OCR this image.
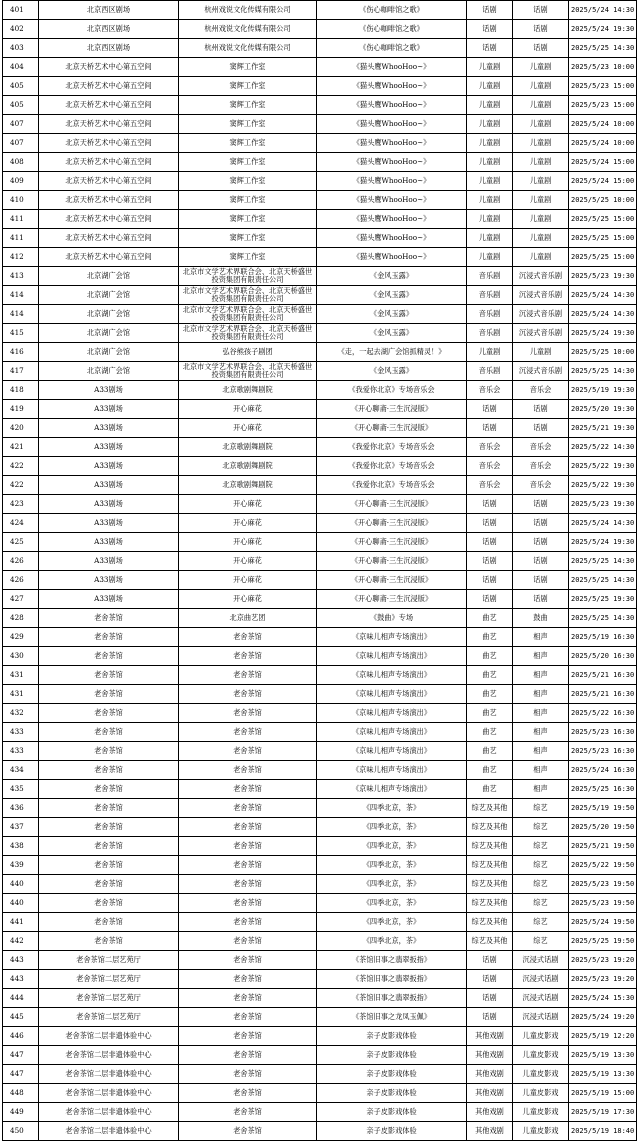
401	北京西区剧场	杭州戏说文化传媒有限公司	《伤心咖啡馆之歌》	话剧	话剧	2025/5/24 14:30
402	北京西区剧场	杭州戏说文化传媒有限公司	《伤心咖啡馆之歌》	话剧	话剧	2025/5/24 19:30
403	北京西区剧场	杭州戏说文化传媒有限公司	《伤心咖啡馆之歌》	话剧	话剧	2025/5/25 14:30
404	北京天桥艺术中心第五空间	窦辉工作室	《猫头鹰WhooHoo~》	儿童剧	儿童剧	2025/5/23 10:00
405	北京天桥艺术中心第五空间	窦辉工作室	《猫头鹰WhooHoo~》	儿童剧	儿童剧	2025/5/23 15:00
405	北京天桥艺术中心第五空间	窦辉工作室	《猫头鹰WhooHoo~》	儿童剧	儿童剧	2025/5/23 15:00
407	北京天桥艺术中心第五空间	窦辉工作室	《猫头鹰WhooHoo~》	儿童剧	儿童剧	2025/5/24 10:00
407	北京天桥艺术中心第五空间	窦辉工作室	《猫头鹰WhooHoo~》	儿童剧	儿童剧	2025/5/24 10:00
408	北京天桥艺术中心第五空间	窦辉工作室	《猫头鹰WhooHoo~》	儿童剧	儿童剧	2025/5/24 15:00
409	北京天桥艺术中心第五空间	窦辉工作室	《猫头鹰WhooHoo~》	儿童剧	儿童剧	2025/5/24 15:00
410	北京天桥艺术中心第五空间	窦辉工作室	《猫头鹰WhooHoo~》	儿童剧	儿童剧	2025/5/25 10:00
411	北京天桥艺术中心第五空间	窦辉工作室	《猫头鹰WhooHoo~》	儿童剧	儿童剧	2025/5/25 15:00
411	北京天桥艺术中心第五空间	窦辉工作室	《猫头鹰WhooHoo~》	儿童剧	儿童剧	2025/5/25 15:00
412	北京天桥艺术中心第五空间	窦辉工作室	《猫头鹰WhooHoo~》	儿童剧	儿童剧	2025/5/25 15:00
413	北京湖广会馆	北京市文学艺术界联合会、北京天桥盛世投资集团有限责任公司	《金风玉露》	音乐剧	沉浸式音乐剧	2025/5/23 19:30
414	北京湖广会馆	北京市文学艺术界联合会、北京天桥盛世投资集团有限责任公司	《金风玉露》	音乐剧	沉浸式音乐剧	2025/5/24 14:30
414	北京湖广会馆	北京市文学艺术界联合会、北京天桥盛世投资集团有限责任公司	《金风玉露》	音乐剧	沉浸式音乐剧	2025/5/24 14:30
415	北京湖广会馆	北京市文学艺术界联合会、北京天桥盛世投资集团有限责任公司	《金风玉露》	音乐剧	沉浸式音乐剧	2025/5/24 19:30
416	北京湖广会馆	弘谷熊孩子剧团	《走，一起去湖广会馆抓精灵！》	儿童剧	儿童剧	2025/5/25 10:00
417	北京湖广会馆	北京市文学艺术界联合会、北京天桥盛世投资集团有限责任公司	《金风玉露》	音乐剧	沉浸式音乐剧	2025/5/25 14:30
418	A33剧场	北京歌剧舞剧院	《我爱你北京》专场音乐会	音乐会	音乐会	2025/5/19 19:30
419	A33剧场	开心麻花	《开心聊斋·三生沉浸版》	话剧	话剧	2025/5/20 19:30
420	A33剧场	开心麻花	《开心聊斋·三生沉浸版》	话剧	话剧	2025/5/21 19:30
421	A33剧场	北京歌剧舞剧院	《我爱你北京》专场音乐会	音乐会	音乐会	2025/5/22 14:30
422	A33剧场	北京歌剧舞剧院	《我爱你北京》专场音乐会	音乐会	音乐会	2025/5/22 19:30
422	A33剧场	北京歌剧舞剧院	《我爱你北京》专场音乐会	音乐会	音乐会	2025/5/22 19:30
423	A33剧场	开心麻花	《开心聊斋·三生沉浸版》	话剧	话剧	2025/5/23 19:30
424	A33剧场	开心麻花	《开心聊斋·三生沉浸版》	话剧	话剧	2025/5/24 14:30
425	A33剧场	开心麻花	《开心聊斋·三生沉浸版》	话剧	话剧	2025/5/24 19:30
426	A33剧场	开心麻花	《开心聊斋·三生沉浸版》	话剧	话剧	2025/5/25 14:30
426	A33剧场	开心麻花	《开心聊斋·三生沉浸版》	话剧	话剧	2025/5/25 14:30
427	A33剧场	开心麻花	《开心聊斋·三生沉浸版》	话剧	话剧	2025/5/25 19:30
428	老舍茶馆	北京曲艺团	《鼓曲》专场	曲艺	鼓曲	2025/5/25 14:30
429	老舍茶馆	老舍茶馆	《京味儿相声专场演出》	曲艺	相声	2025/5/19 16:30
430	老舍茶馆	老舍茶馆	《京味儿相声专场演出》	曲艺	相声	2025/5/20 16:30
431	老舍茶馆	老舍茶馆	《京味儿相声专场演出》	曲艺	相声	2025/5/21 16:30
431	老舍茶馆	老舍茶馆	《京味儿相声专场演出》	曲艺	相声	2025/5/21 16:30
432	老舍茶馆	老舍茶馆	《京味儿相声专场演出》	曲艺	相声	2025/5/22 16:30
433	老舍茶馆	老舍茶馆	《京味儿相声专场演出》	曲艺	相声	2025/5/23 16:30
433	老舍茶馆	老舍茶馆	《京味儿相声专场演出》	曲艺	相声	2025/5/23 16:30
434	老舍茶馆	老舍茶馆	《京味儿相声专场演出》	曲艺	相声	2025/5/24 16:30
435	老舍茶馆	老舍茶馆	《京味儿相声专场演出》	曲艺	相声	2025/5/25 16:30
436	老舍茶馆	老舍茶馆	《四季北京，茶》	综艺及其他	综艺	2025/5/19 19:50
437	老舍茶馆	老舍茶馆	《四季北京，茶》	综艺及其他	综艺	2025/5/20 19:50
438	老舍茶馆	老舍茶馆	《四季北京，茶》	综艺及其他	综艺	2025/5/21 19:50
439	老舍茶馆	老舍茶馆	《四季北京，茶》	综艺及其他	综艺	2025/5/22 19:50
440	老舍茶馆	老舍茶馆	《四季北京，茶》	综艺及其他	综艺	2025/5/23 19:50
440	老舍茶馆	老舍茶馆	《四季北京，茶》	综艺及其他	综艺	2025/5/23 19:50
441	老舍茶馆	老舍茶馆	《四季北京，茶》	综艺及其他	综艺	2025/5/24 19:50
442	老舍茶馆	老舍茶馆	《四季北京，茶》	综艺及其他	综艺	2025/5/25 19:50
443	老舍茶馆二层艺苑厅	老舍茶馆	《茶馆旧事之翡翠扳指》	话剧	沉浸式话剧	2025/5/23 19:20
443	老舍茶馆二层艺苑厅	老舍茶馆	《茶馆旧事之翡翠扳指》	话剧	沉浸式话剧	2025/5/23 19:20
444	老舍茶馆二层艺苑厅	老舍茶馆	《茶馆旧事之翡翠扳指》	话剧	沉浸式话剧	2025/5/24 15:30
445	老舍茶馆二层艺苑厅	老舍茶馆	《茶馆旧事之龙凤玉佩》	话剧	沉浸式话剧	2025/5/24 19:20
446	老舍茶馆二层非遗体验中心	老舍茶馆	亲子皮影戏体验	其他戏剧	儿童皮影戏	2025/5/19 12:20
447	老舍茶馆二层非遗体验中心	老舍茶馆	亲子皮影戏体验	其他戏剧	儿童皮影戏	2025/5/19 13:30
447	老舍茶馆二层非遗体验中心	老舍茶馆	亲子皮影戏体验	其他戏剧	儿童皮影戏	2025/5/19 13:30
448	老舍茶馆二层非遗体验中心	老舍茶馆	亲子皮影戏体验	其他戏剧	儿童皮影戏	2025/5/19 15:00
449	老舍茶馆二层非遗体验中心	老舍茶馆	亲子皮影戏体验	其他戏剧	儿童皮影戏	2025/5/19 17:30
450	老舍茶馆二层非遗体验中心	老舍茶馆	亲子皮影戏体验	其他戏剧	儿童皮影戏	2025/5/19 18:40
